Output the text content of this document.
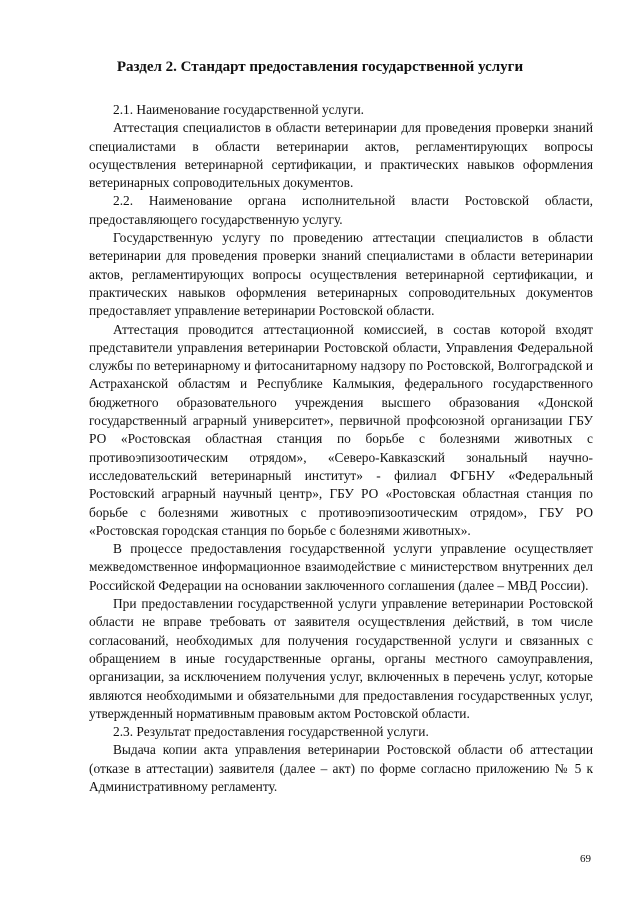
Раздел 2. Стандарт предоставления государственной услуги

2.1. Наименование государственной услуги.

Аттестация специалистов в области ветеринарии для проведения проверки знаний специалистами в области ветеринарии актов, регламентирующих вопросы осуществления ветеринарной сертификации, и практических навыков оформления ветеринарных сопроводительных документов.

2.2. Наименование органа исполнительной власти Ростовской области, предоставляющего государственную услугу.

Государственную услугу по проведению аттестации специалистов в области ветеринарии для проведения проверки знаний специалистами в области ветеринарии актов, регламентирующих вопросы осуществления ветеринарной сертификации, и практических навыков оформления ветеринарных сопроводительных документов предоставляет управление ветеринарии Ростовской области.

Аттестация проводится аттестационной комиссией, в состав которой входят представители управления ветеринарии Ростовской области, Управления Федеральной службы по ветеринарному и фитосанитарному надзору по Ростовской, Волгоградской и Астраханской областям и Республике Калмыкия, федерального государственного бюджетного образовательного учреждения высшего образования «Донской государственный аграрный университет», первичной профсоюзной организации ГБУ РО «Ростовская областная станция по борьбе с болезнями животных с противоэпизоотическим отрядом», «Северо-Кавказский зональный научно-исследовательский ветеринарный институт» - филиал ФГБНУ «Федеральный Ростовский аграрный научный центр», ГБУ РО «Ростовская областная станция по борьбе с болезнями животных с противоэпизоотическим отрядом», ГБУ РО «Ростовская городская станция по борьбе с болезнями животных».

В процессе предоставления государственной услуги управление осуществляет межведомственное информационное взаимодействие с министерством внутренних дел Российской Федерации на основании заключенного соглашения (далее – МВД России).

При предоставлении государственной услуги управление ветеринарии Ростовской области не вправе требовать от заявителя осуществления действий, в том числе согласований, необходимых для получения государственной услуги и связанных с обращением в иные государственные органы, органы местного самоуправления, организации, за исключением получения услуг, включенных в перечень услуг, которые являются необходимыми и обязательными для предоставления государственных услуг, утвержденный нормативным правовым актом Ростовской области.

2.3. Результат предоставления государственной услуги.

Выдача копии акта управления ветеринарии Ростовской области об аттестации (отказе в аттестации) заявителя (далее – акт) по форме согласно приложению № 5 к Административному регламенту.

69
